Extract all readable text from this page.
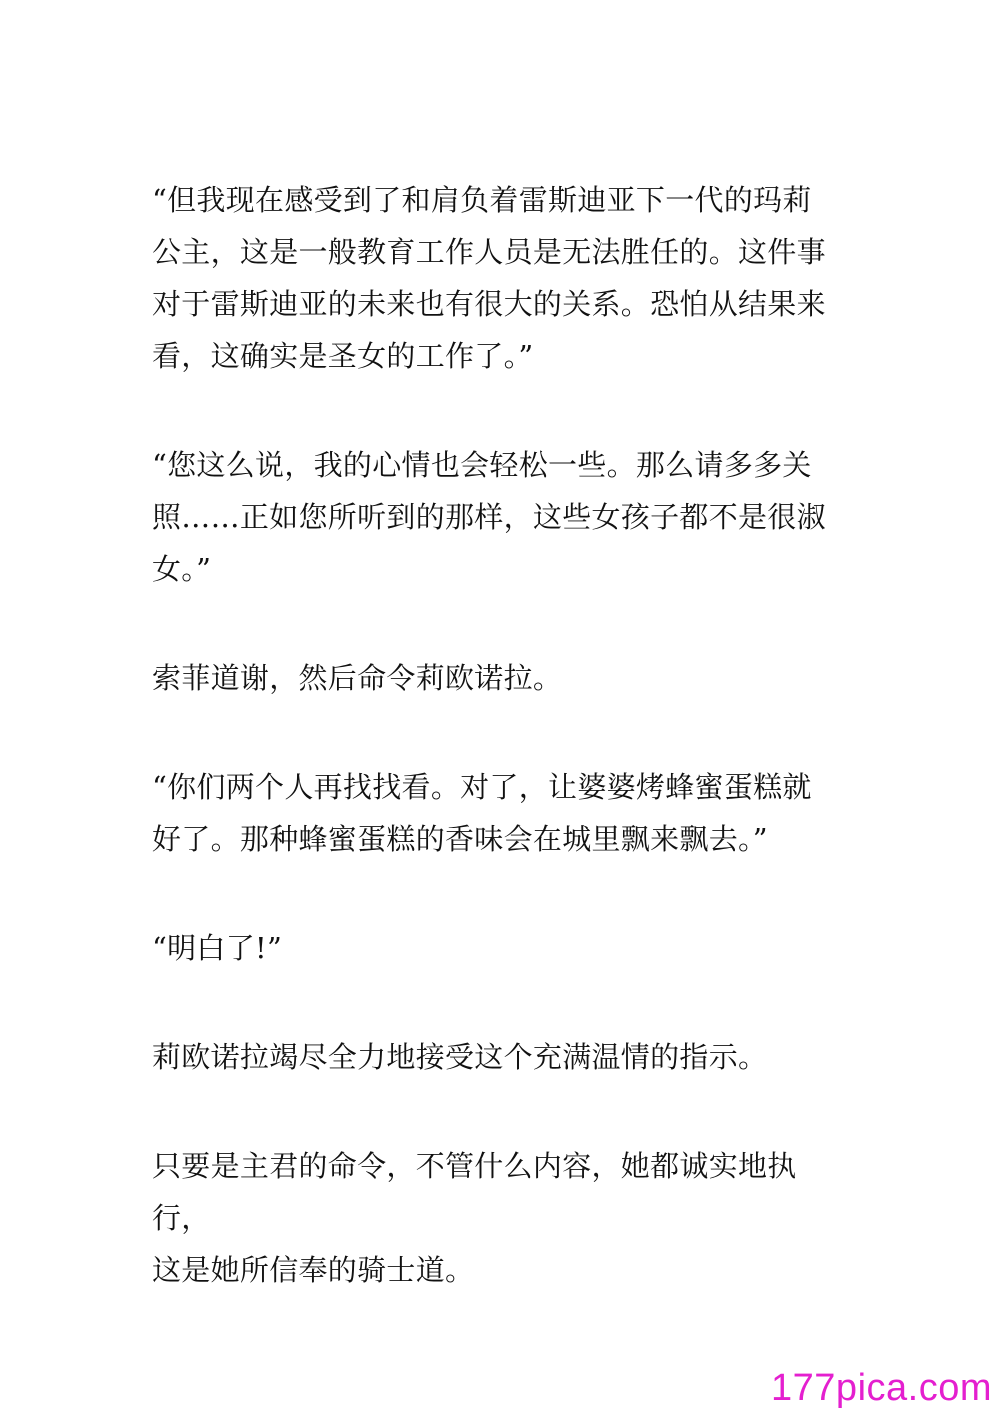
“但我现在感受到了和肩负着雷斯迪亚下一代的玛莉
公主，这是一般教育工作人员是无法胜任的。这件事
对于雷斯迪亚的未来也有很大的关系。恐怕从结果来
看，这确实是圣女的工作了。”

“您这么说，我的心情也会轻松一些。那么请多多关
照……正如您所听到的那样，这些女孩子都不是很淑
女。”

索菲道谢，然后命令莉欧诺拉。

“你们两个人再找找看。对了，让婆婆烤蜂蜜蛋糕就
好了。那种蜂蜜蛋糕的香味会在城里飘来飘去。”

“明白了!”

莉欧诺拉竭尽全力地接受这个充满温情的指示。

只要是主君的命令，不管什么内容，她都诚实地执行，
这是她所信奉的骑士道。

177pica.com
